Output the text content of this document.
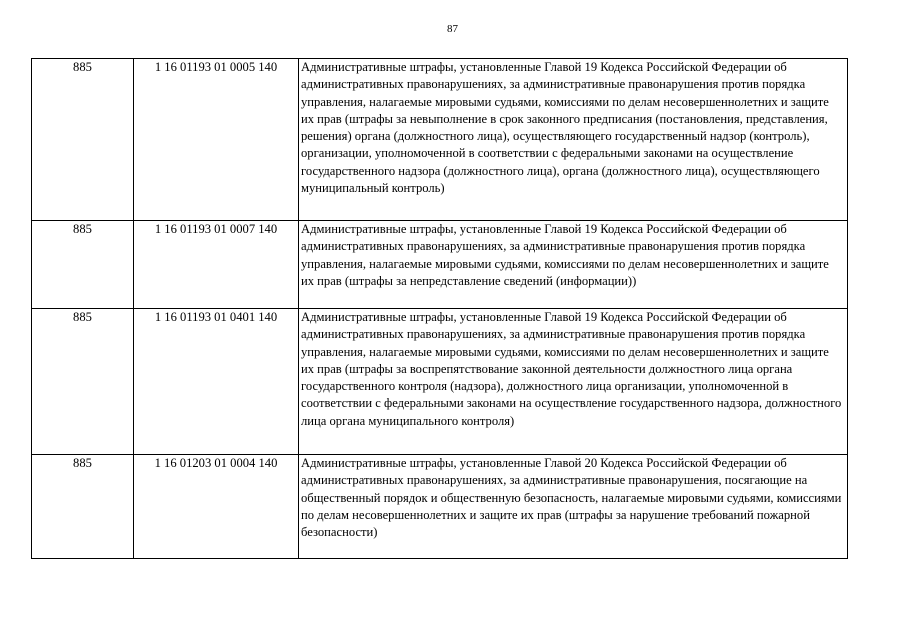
87
885	1 16 01193 01 0005 140	Административные штрафы, установленные Главой 19 Кодекса Российской Федерации об административных правонарушениях, за административные правонарушения против порядка управления, налагаемые мировыми судьями, комиссиями по делам несовершеннолетних и защите их прав (штрафы за невыполнение в срок законного предписания (постановления, представления, решения) органа (должностного лица), осуществляющего государственный надзор (контроль), организации, уполномоченной в соответствии с федеральными законами на осуществление государственного надзора (должностного лица), органа (должностного лица), осуществляющего муниципальный контроль)
885	1 16 01193 01 0007 140	Административные штрафы, установленные Главой 19 Кодекса Российской Федерации об административных правонарушениях, за административные правонарушения против порядка управления, налагаемые мировыми судьями, комиссиями по делам несовершеннолетних и защите их прав (штрафы за непредставление сведений (информации))
885	1 16 01193 01 0401 140	Административные штрафы, установленные Главой 19 Кодекса Российской Федерации об административных правонарушениях, за административные правонарушения против порядка управления, налагаемые мировыми судьями, комиссиями по делам несовершеннолетних и защите их прав (штрафы за воспрепятствование законной деятельности должностного лица органа государственного контроля (надзора), должностного лица организации, уполномоченной в соответствии с федеральными законами на осуществление государственного надзора, должностного лица органа муниципального контроля)
885	1 16 01203 01 0004 140	Административные штрафы, установленные Главой 20 Кодекса Российской Федерации об административных правонарушениях, за административные правонарушения, посягающие на общественный порядок и общественную безопасность, налагаемые мировыми судьями, комиссиями по делам несовершеннолетних и защите их прав (штрафы за нарушение требований пожарной безопасности)
